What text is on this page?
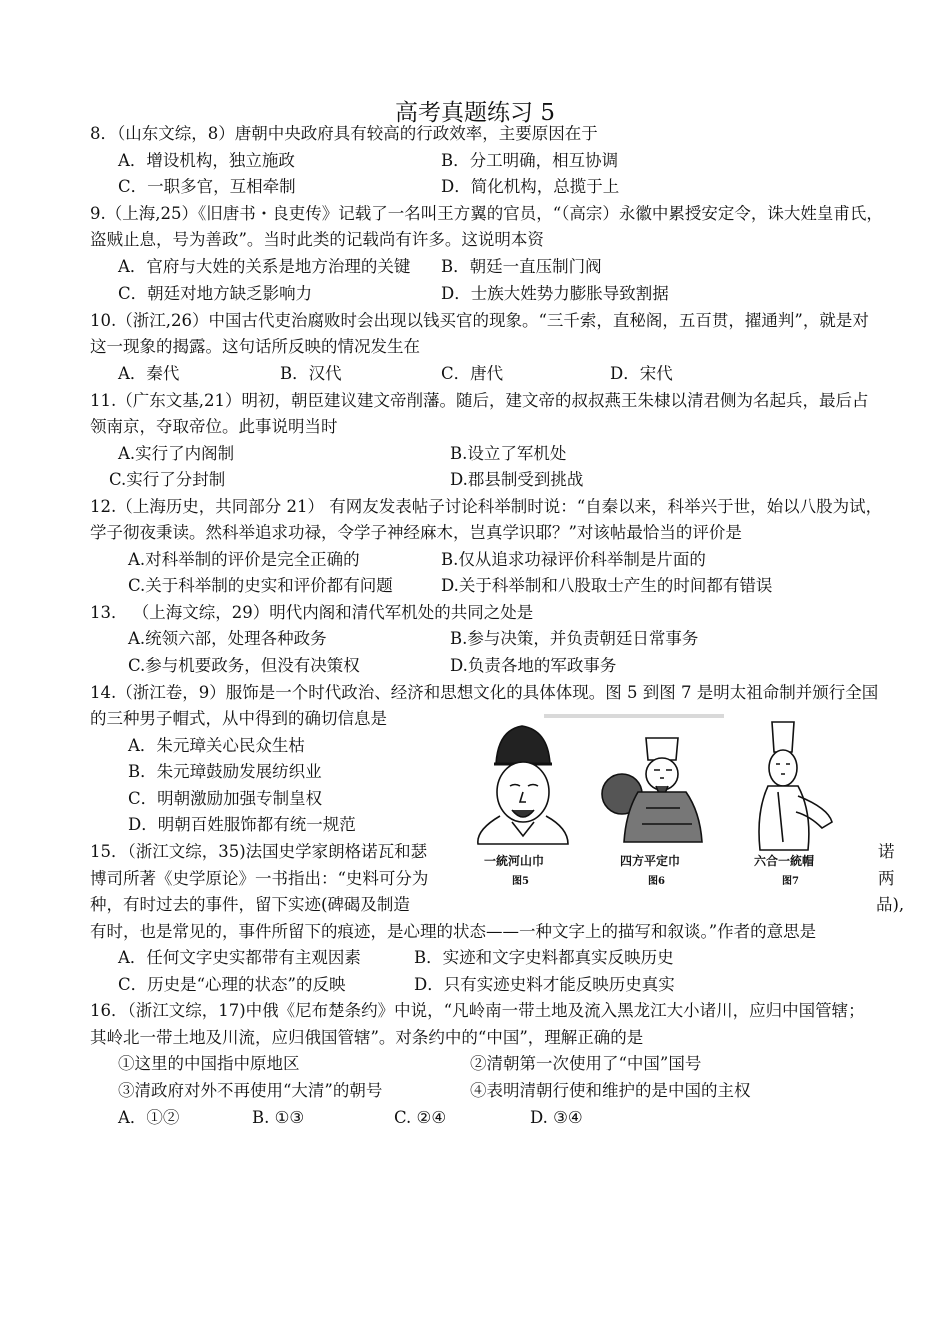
高考真题练习 5
8．（山东文综，8）唐朝中央政府具有较高的行政效率，主要原因在于
A．增设机构，独立施政	B．分工明确，相互协调
C．一职多官，互相牵制	D．简化机构，总揽于上
9.（上海,25）《旧唐书・良吏传》记载了一名叫王方翼的官员，“（高宗）永徽中累授安定令，诛大姓皇甫氏，
盗贼止息，号为善政”。当时此类的记载尚有许多。这说明本资
A．官府与大姓的关系是地方治理的关键 B．朝廷一直压制门阀
C．朝廷对地方缺乏影响力	D．士族大姓势力膨胀导致割据
10.（浙江,26）中国古代吏治腐败时会出现以钱买官的现象。“三千索，直秘阁，五百贯，擢通判”，就是对
这一现象的揭露。这句话所反映的情况发生在
A．秦代	B．汉代	C．唐代	D．宋代
11.（广东文基,21）明初，朝臣建议建文帝削藩。随后，建文帝的叔叔燕王朱棣以清君侧为名起兵，最后占
领南京，夺取帝位。此事说明当时
A.实行了内阁制	B.设立了军机处
C.实行了分封制	D.郡县制受到挑战
12.（上海历史，共同部分 21） 有网友发表帖子讨论科举制时说：“自秦以来，科举兴于世，始以八股为试，
学子彻夜秉读。然科举追求功禄，令学子神经麻木，岂真学识耶？”对该帖最恰当的评价是
A.对科举制的评价是完全正确的	B.仅从追求功禄评价科举制是片面的
C.关于科举制的史实和评价都有问题	D.关于科举制和八股取士产生的时间都有错误
13． （上海文综，29）明代内阁和清代军机处的共同之处是
A.统领六部，处理各种政务	B.参与决策，并负责朝廷日常事务
C.参与机要政务，但没有决策权	D.负责各地的军政事务
14.（浙江卷，9）服饰是一个时代政治、经济和思想文化的具体体现。图 5 到图 7 是明太祖命制并颁行全国
的三种男子帽式，从中得到的确切信息是
A．朱元璋关心民众生枯
B．朱元璋鼓励发展纺织业
C．明朝激励加强专制皇权
D．明朝百姓服饰都有统一规范
一統河山巾
图5
四方平定巾
图6
六合一統帽
图7
15．（浙江文综，35)法国史学家朗格诺瓦和瑟	诺
博司所著《史学原论》一书指出：“史料可分为	两
种，有时过去的事件，留下实迹(碑碣及制造	品),
有时，也是常见的，事件所留下的痕迹，是心理的状态——一种文字上的描写和叙谈。”作者的意思是
A．任何文字史实都带有主观因素	B．实迹和文字史料都真实反映历史
C．历史是“心理的状态”的反映	D．只有实迹史料才能反映历史真实
16．（浙江文综，17)中俄《尼布楚条约》中说，“凡岭南一带土地及流入黑龙江大小诸川，应归中国管辖；
其岭北一带土地及川流，应归俄国管辖”。对条约中的“中国”，理解正确的是
①这里的中国指中原地区	②清朝第一次使用了“中国”国号
③清政府对外不再使用“大清”的朝号	④表明清朝行使和维护的是中国的主权
A．①②	B. ①③	C. ②④	D. ③④
